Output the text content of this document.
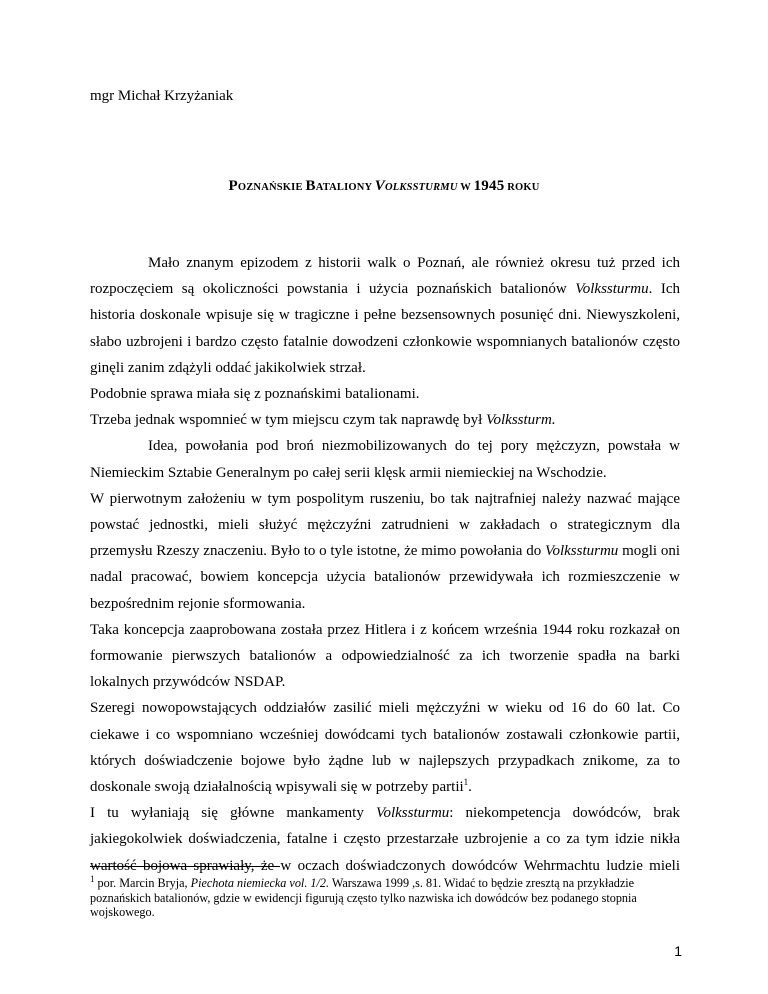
mgr Michał Krzyżaniak
POZNAŃSKIE BATALIONY VOLKSSTURMU W 1945 ROKU

Mało znanym epizodem z historii walk o Poznań, ale również okresu tuż przed ich rozpoczęciem są okoliczności powstania i użycia poznańskich batalionów Volkssturmu. Ich historia doskonale wpisuje się w tragiczne i pełne bezsensownych posunięć dni. Niewyszkoleni, słabo uzbrojeni i bardzo często fatalnie dowodzeni członkowie wspomnianych batalionów często ginęli zanim zdążyli oddać jakikolwiek strzał.

Podobnie sprawa miała się z poznańskimi batalionami.

Trzeba jednak wspomnieć w tym miejscu czym tak naprawdę był Volkssturm.

Idea, powołania pod broń niezmobilizowanych do tej pory mężczyzn, powstała w Niemieckim Sztabie Generalnym po całej serii klęsk armii niemieckiej na Wschodzie.

W pierwotnym założeniu w tym pospolitym ruszeniu, bo tak najtrafniej należy nazwać mające powstać jednostki, mieli służyć mężczyźni zatrudnieni w zakładach o strategicznym dla przemysłu Rzeszy znaczeniu. Było to o tyle istotne, że mimo powołania do Volkssturmu mogli oni nadal pracować, bowiem koncepcja użycia batalionów przewidywała ich rozmieszczenie w bezpośrednim rejonie sformowania.

Taka koncepcja zaaprobowana została przez Hitlera i z końcem września 1944 roku rozkazał on formowanie pierwszych batalionów a odpowiedzialność za ich tworzenie spadła na barki lokalnych przywódców NSDAP.

Szeregi nowopowstających oddziałów zasilić mieli mężczyźni w wieku od 16 do 60 lat. Co ciekawe i co wspomniano wcześniej dowódcami tych batalionów zostawali członkowie partii, których doświadczenie bojowe było żądne lub w najlepszych przypadkach znikome, za to doskonale swoją działalnością wpisywali się w potrzeby partii$^1$.

I tu wyłaniają się główne mankamenty Volkssturmu: niekompetencja dowódców, brak jakiegokolwiek doświadczenia, fatalne i często przestarzałe uzbrojenie a co za tym idzie nikła wartość bojowa sprawiały, że w oczach doświadczonych dowódców Wehrmachtu ludzie mieli

$^1$ por. Marcin Bryja, Piechota niemiecka vol. 1/2. Warszawa 1999 ,s. 81. Widać to będzie zresztą na przykładzie poznańskich batalionów, gdzie w ewidencji figurują często tylko nazwiska ich dowódców bez podanego stopnia wojskowego.
1
